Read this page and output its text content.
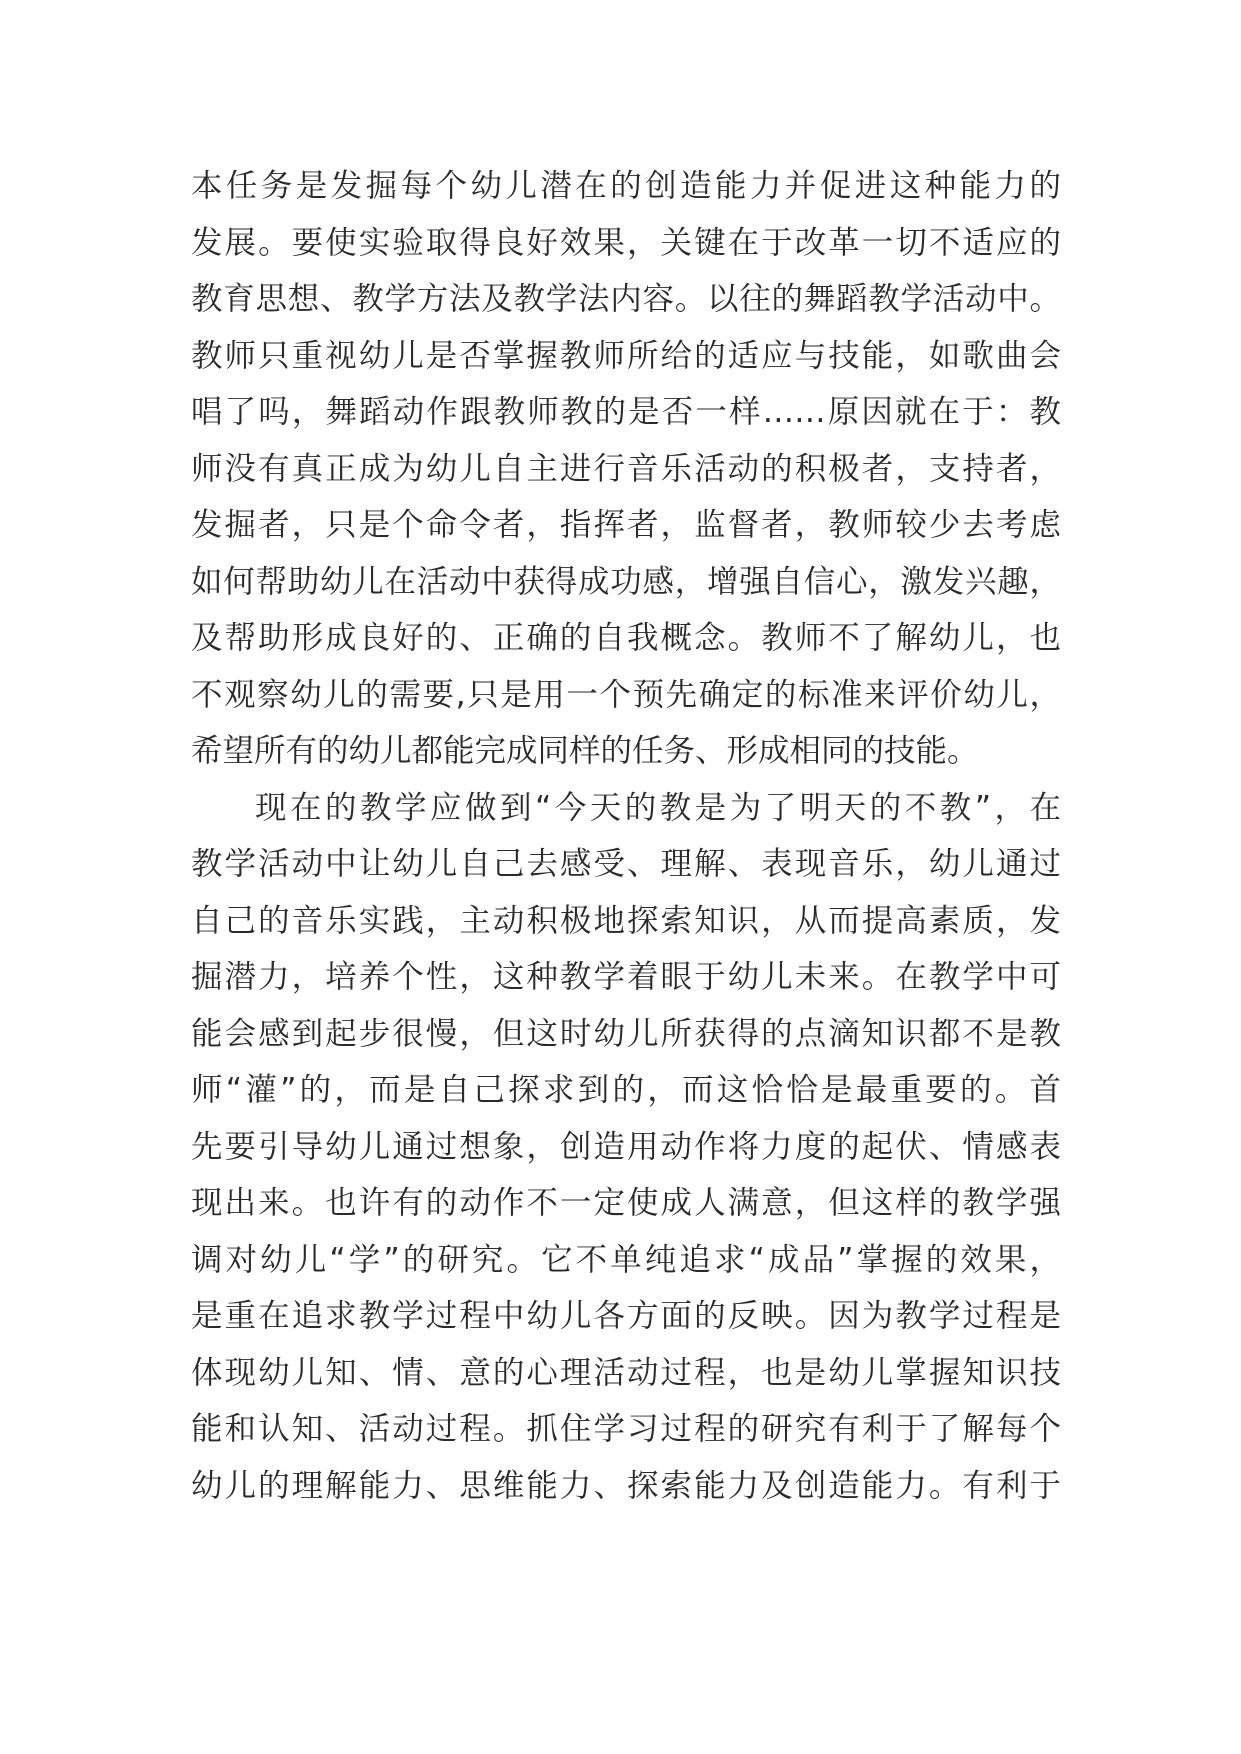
本任务是发掘每个幼儿潜在的创造能力并促进这种能力的
发展。要使实验取得良好效果，关键在于改革一切不适应的
教育思想、教学方法及教学法内容。以往的舞蹈教学活动中。
教师只重视幼儿是否掌握教师所给的适应与技能，如歌曲会
唱了吗，舞蹈动作跟教师教的是否一样……原因就在于：教
师没有真正成为幼儿自主进行音乐活动的积极者，支持者，
发掘者，只是个命令者，指挥者，监督者，教师较少去考虑
如何帮助幼儿在活动中获得成功感，增强自信心，激发兴趣，
及帮助形成良好的、正确的自我概念。教师不了解幼儿，也
不观察幼儿的需要,只是用一个预先确定的标准来评价幼儿，
希望所有的幼儿都能完成同样的任务、形成相同的技能。
现在的教学应做到“今天的教是为了明天的不教”，在
教学活动中让幼儿自己去感受、理解、表现音乐，幼儿通过
自己的音乐实践，主动积极地探索知识，从而提高素质，发
掘潜力，培养个性，这种教学着眼于幼儿未来。在教学中可
能会感到起步很慢，但这时幼儿所获得的点滴知识都不是教
师“灌”的，而是自己探求到的，而这恰恰是最重要的。首
先要引导幼儿通过想象，创造用动作将力度的起伏、情感表
现出来。也许有的动作不一定使成人满意，但这样的教学强
调对幼儿“学”的研究。它不单纯追求“成品”掌握的效果，
是重在追求教学过程中幼儿各方面的反映。因为教学过程是
体现幼儿知、情、意的心理活动过程，也是幼儿掌握知识技
能和认知、活动过程。抓住学习过程的研究有利于了解每个
幼儿的理解能力、思维能力、探索能力及创造能力。有利于
